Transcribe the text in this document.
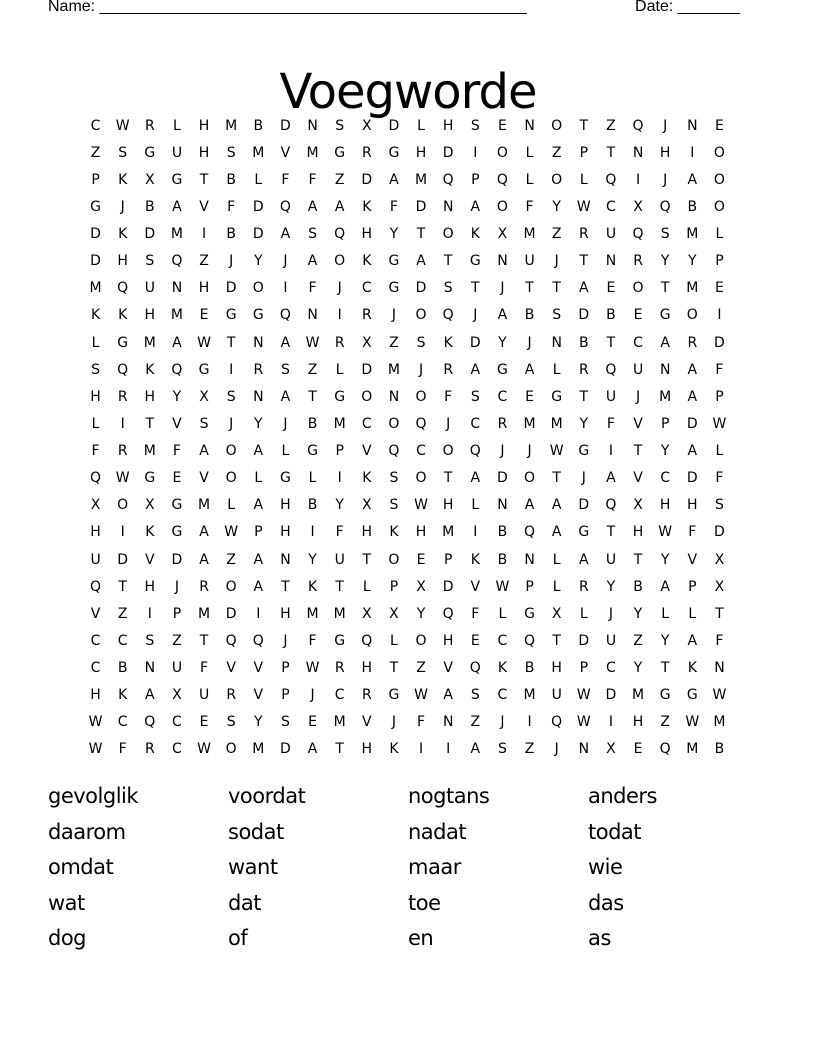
Name: ________________________________________________	Date: _______
Voegworde
C	W	R	L	H	M	B	D	N	S	X	D	L	H	S	E	N	O	T	Z	Q	J	N	E
Z	S	G	U	H	S	M	V	M	G	R	G	H	D	I	O	L	Z	P	T	N	H	I	O
P	K	X	G	T	B	L	F	F	Z	D	A	M	Q	P	Q	L	O	L	Q	I	J	A	O
G	J	B	A	V	F	D	Q	A	A	K	F	D	N	A	O	F	Y	W	C	X	Q	B	O
D	K	D	M	I	B	D	A	S	Q	H	Y	T	O	K	X	M	Z	R	U	Q	S	M	L
D	H	S	Q	Z	J	Y	J	A	O	K	G	A	T	G	N	U	J	T	N	R	Y	Y	P
M	Q	U	N	H	D	O	I	F	J	C	G	D	S	T	J	T	T	A	E	O	T	M	E
K	K	H	M	E	G	G	Q	N	I	R	J	O	Q	J	A	B	S	D	B	E	G	O	I
L	G	M	A	W	T	N	A	W	R	X	Z	S	K	D	Y	J	N	B	T	C	A	R	D
S	Q	K	Q	G	I	R	S	Z	L	D	M	J	R	A	G	A	L	R	Q	U	N	A	F
H	R	H	Y	X	S	N	A	T	G	O	N	O	F	S	C	E	G	T	U	J	M	A	P
L	I	T	V	S	J	Y	J	B	M	C	O	Q	J	C	R	M	M	Y	F	V	P	D	W
F	R	M	F	A	O	A	L	G	P	V	Q	C	O	Q	J	J	W	G	I	T	Y	A	L
Q	W	G	E	V	O	L	G	L	I	K	S	O	T	A	D	O	T	J	A	V	C	D	F
X	O	X	G	M	L	A	H	B	Y	X	S	W	H	L	N	A	A	D	Q	X	H	H	S
H	I	K	G	A	W	P	H	I	F	H	K	H	M	I	B	Q	A	G	T	H	W	F	D
U	D	V	D	A	Z	A	N	Y	U	T	O	E	P	K	B	N	L	A	U	T	Y	V	X
Q	T	H	J	R	O	A	T	K	T	L	P	X	D	V	W	P	L	R	Y	B	A	P	X
V	Z	I	P	M	D	I	H	M	M	X	X	Y	Q	F	L	G	X	L	J	Y	L	L	T
C	C	S	Z	T	Q	Q	J	F	G	Q	L	O	H	E	C	Q	T	D	U	Z	Y	A	F
C	B	N	U	F	V	V	P	W	R	H	T	Z	V	Q	K	B	H	P	C	Y	T	K	N
H	K	A	X	U	R	V	P	J	C	R	G	W	A	S	C	M	U	W	D	M	G	G	W
W	C	Q	C	E	S	Y	S	E	M	V	J	F	N	Z	J	I	Q	W	I	H	Z	W	M
W	F	R	C	W	O	M	D	A	T	H	K	I	I	A	S	Z	J	N	X	E	Q	M	B
gevolglik	voordat	nogtans	anders
daarom	sodat	nadat	todat
omdat	want	maar	wie
wat	dat	toe	das
dog	of	en	as
